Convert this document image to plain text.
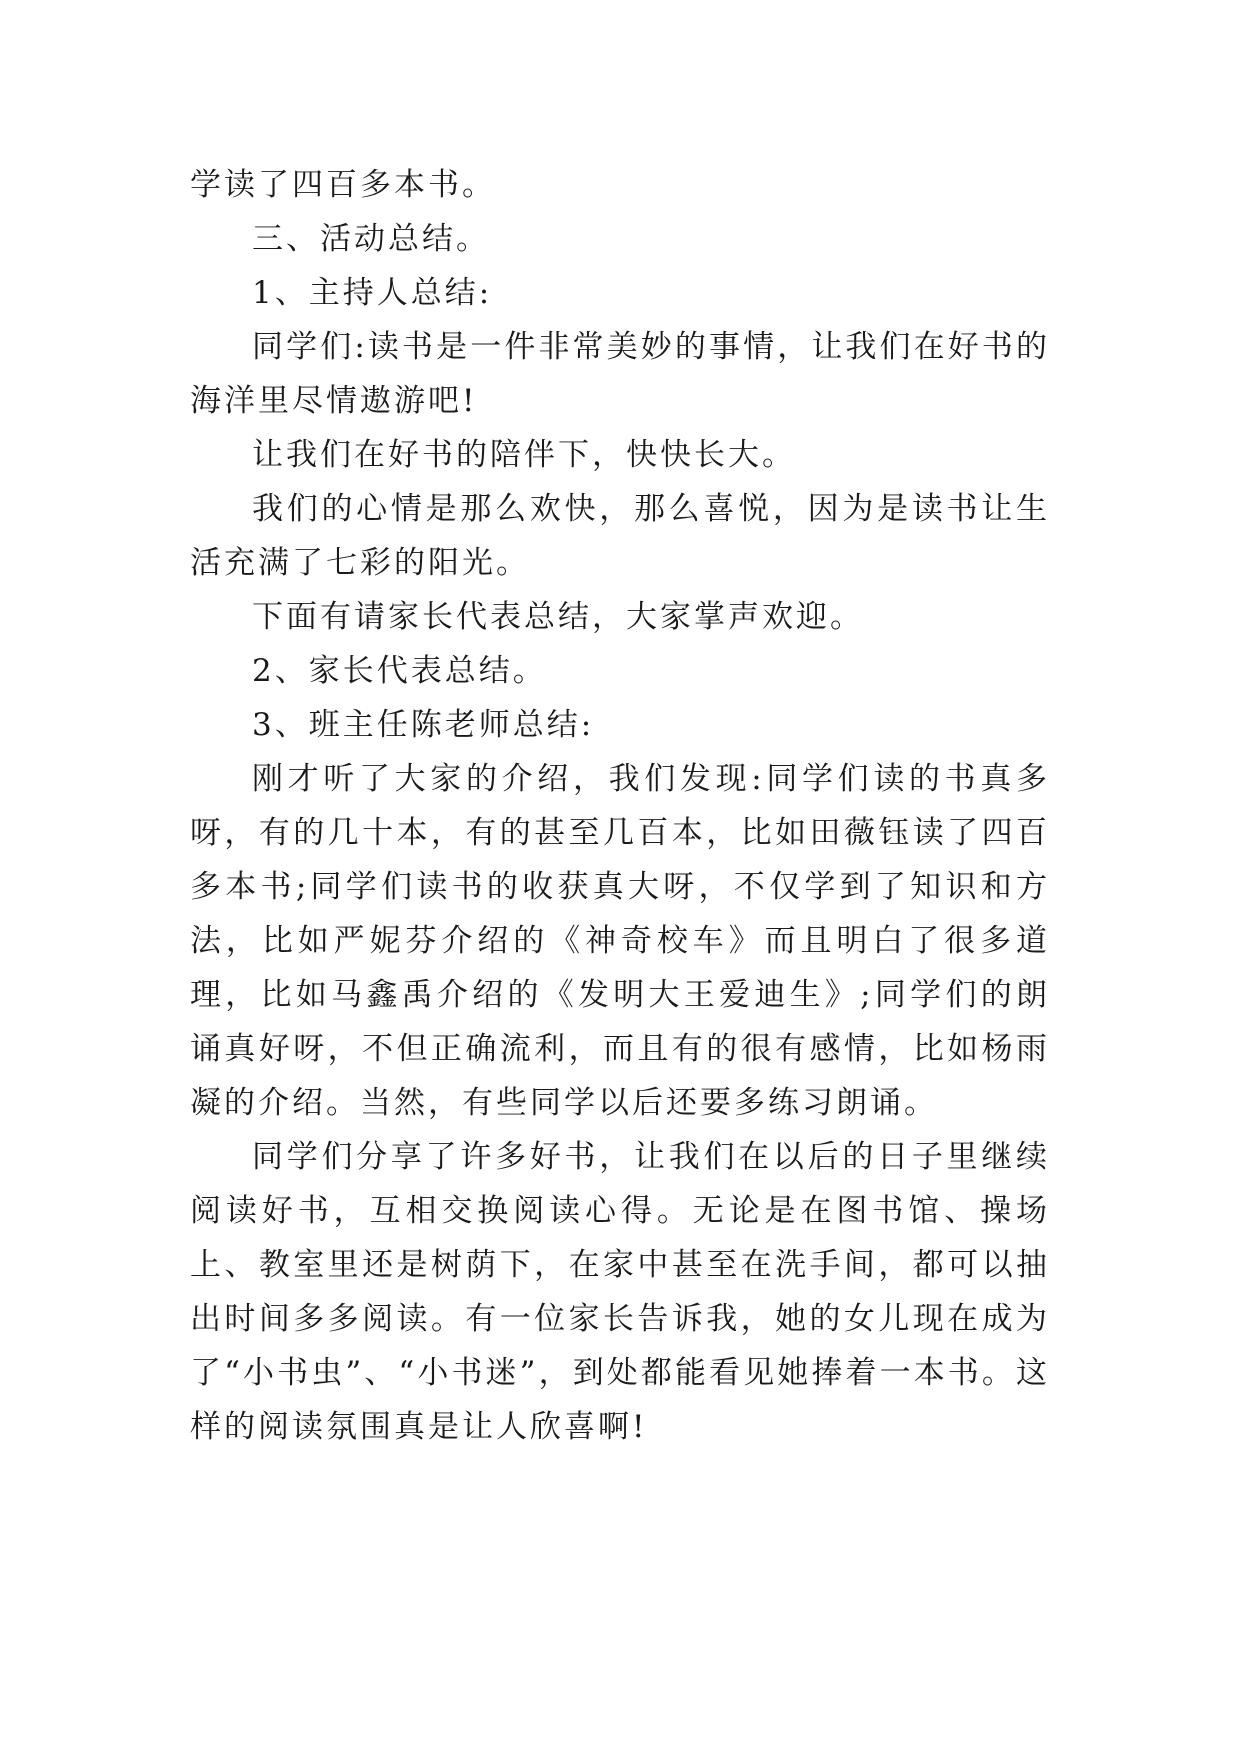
学读了四百多本书。

三、活动总结。

1、主持人总结:

同学们:读书是一件非常美妙的事情，让我们在好书的海洋里尽情遨游吧!

让我们在好书的陪伴下，快快长大。

我们的心情是那么欢快，那么喜悦，因为是读书让生活充满了七彩的阳光。

下面有请家长代表总结，大家掌声欢迎。

2、家长代表总结。

3、班主任陈老师总结:

刚才听了大家的介绍，我们发现:同学们读的书真多呀，有的几十本，有的甚至几百本，比如田薇钰读了四百多本书;同学们读书的收获真大呀，不仅学到了知识和方法，比如严妮芬介绍的《神奇校车》而且明白了很多道理，比如马鑫禹介绍的《发明大王爱迪生》;同学们的朗诵真好呀，不但正确流利，而且有的很有感情，比如杨雨凝的介绍。当然，有些同学以后还要多练习朗诵。

同学们分享了许多好书，让我们在以后的日子里继续阅读好书，互相交换阅读心得。无论是在图书馆、操场上、教室里还是树荫下，在家中甚至在洗手间，都可以抽出时间多多阅读。有一位家长告诉我，她的女儿现在成为了“小书虫”、“小书迷”，到处都能看见她捧着一本书。这样的阅读氛围真是让人欣喜啊!
